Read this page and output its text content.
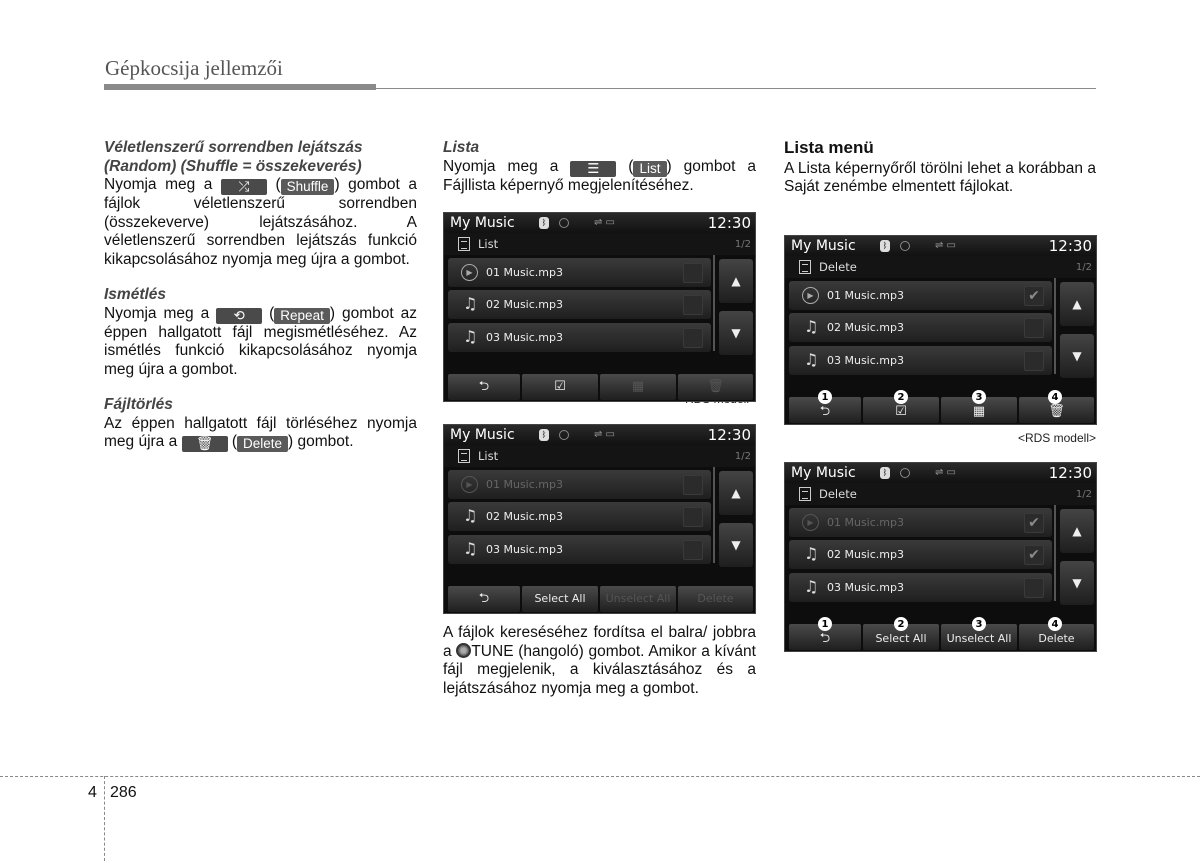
Gépkocsija jellemzői
Véletlenszerű sorrendben lejátszás
(Random) (Shuffle = összekeverés)

Nyomja meg a ⤮ ( Shuffle ) gombot a fájlok véletlenszerű sorrendben (összekeverve) lejátszásához. A véletlenszerű sorrendben lejátszás funkció kikapcsolásához nyomja meg újra a gombot.

Ismétlés

Nyomja meg a ⟲ ( Repeat ) gombot az éppen hallgatott fájl megismétléséhez. Az ismétlés funkció kikapcsolásához nyomja meg újra a gombot.

Fájltörlés

Az éppen hallgatott fájl törléséhez nyomja meg újra a 🗑 ( Delete ) gombot.

Lista

Nyomja meg a ☰ ( List ) gombot a Fájllista képernyő megjelenítéséhez.

A fájlok kereséséhez fordítsa el balra/ jobbra a TUNE (hangoló) gombot. Amikor a kívánt fájl megjelenik, a kiválasztásához és a lejátszásához nyomja meg a gombot.

Lista menü

A Lista képernyőről törölni lehet a korábban a Saját zenémbe elmentett fájlokat.

<RDS modell>
My Music	ᛒ	⇌ ▭	12:30
List	1/2
▶	01 Music.mp3
♫ 02 Music.mp3
♫ 03 Music.mp3
▲
▼
⮌	☑	▦	🗑
My Music	ᛒ	⇌ ▭	12:30
List	1/2
▶	01 Music.mp3
♫ 02 Music.mp3
♫ 03 Music.mp3
▲
▼
⮌	Select All	Unselect All	Delete
My Music	ᛒ	⇌ ▭	12:30
Delete	1/2
▶	01 Music.mp3	✔
♫ 02 Music.mp3
♫ 03 Music.mp3
▲
▼
1
⮌
2
☑
3
▦
4
🗑
My Music	ᛒ	⇌ ▭	12:30
Delete	1/2
▶	01 Music.mp3	✔
♫ 02 Music.mp3	✔
♫ 03 Music.mp3
▲
▼
1
⮌
2
Select All
3
Unselect All
4
Delete
4 286
